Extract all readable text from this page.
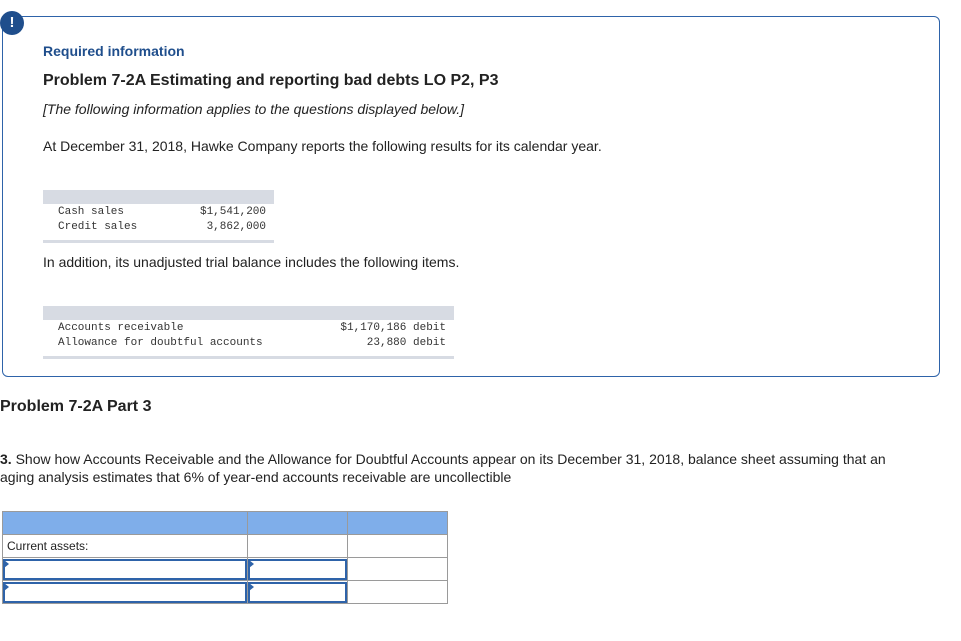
!
Required information
Problem 7-2A Estimating and reporting bad debts LO P2, P3

[The following information applies to the questions displayed below.]

At December 31, 2018, Hawke Company reports the following results for its calendar year.

Cash sales	$1,541,200
Credit sales	3,862,000

In addition, its unadjusted trial balance includes the following items.

Accounts receivable	$1,170,186 debit
Allowance for doubtful accounts	23,880 debit

Problem 7-2A Part 3

3. Show how Accounts Receivable and the Allowance for Doubtful Accounts appear on its December 31, 2018, balance sheet assuming that an aging analysis estimates that 6% of year-end accounts receivable are uncollectible

Current assets:		
